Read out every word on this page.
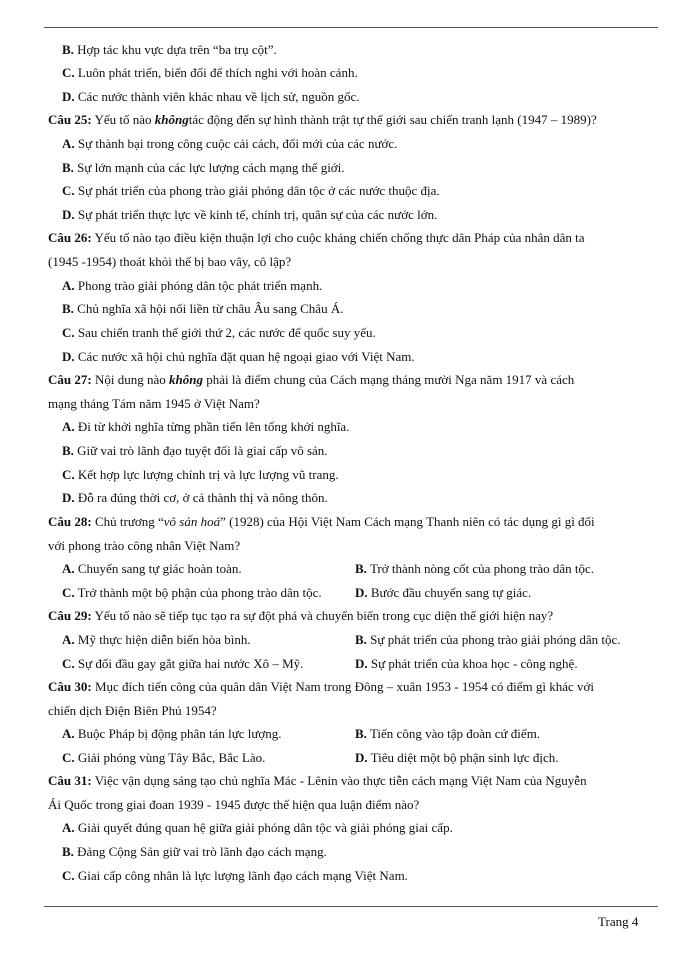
B. Hợp tác khu vực dựa trên “ba trụ cột”.
C. Luôn phát triển, biến đổi để thích nghi với hoàn cảnh.
D. Các nước thành viên khác nhau về lịch sử, nguồn gốc.
Câu 25: Yếu tố nào khôngtác động đến sự hình thành trật tự thế giới sau chiến tranh lạnh (1947 – 1989)?
A. Sự thành bại trong công cuộc cải cách, đổi mới của các nước.
B. Sự lớn mạnh của các lực lượng cách mạng thế giới.
C. Sự phát triển của phong trào giải phóng dân tộc ở các nước thuộc địa.
D. Sự phát triển thực lực về kinh tế, chính trị, quân sự của các nước lớn.
Câu 26: Yếu tố nào tạo điều kiện thuận lợi cho cuộc kháng chiến chống thực dân Pháp của nhân dân ta
(1945 -1954) thoát khỏi thế bị bao vây, cô lập?
A. Phong trào giải phóng dân tộc phát triển mạnh.
B. Chủ nghĩa xã hội nối liền từ châu Âu sang Châu Á.
C. Sau chiến tranh thế giới thứ 2, các nước đế quốc suy yếu.
D. Các nước xã hội chủ nghĩa đặt quan hệ ngoại giao với Việt Nam.
Câu 27: Nội dung nào không phải là điểm chung của Cách mạng tháng mười Nga năm 1917 và cách
mạng tháng Tám năm 1945 ở Việt Nam?
A. Đi từ khởi nghĩa từng phần tiến lên tổng khởi nghĩa.
B. Giữ vai trò lãnh đạo tuyệt đối là giai cấp vô sản.
C. Kết hợp lực lượng chính trị và lực lượng vũ trang.
D. Đỗ ra đúng thời cơ, ở cả thành thị và nông thôn.
Câu 28: Chủ trương “vô sản hoá” (1928) của Hội Việt Nam Cách mạng Thanh niên có tác dụng gì gì đối
với phong trào công nhân Việt Nam?
A. Chuyển sang tự giác hoàn toàn.	B. Trở thành nòng cốt của phong trào dân tộc.
C. Trở thành một bộ phận của phong trào dân tộc.	D. Bước đầu chuyển sang tự giác.
Câu 29: Yếu tố nào sẽ tiếp tục tạo ra sự đột phá và chuyển biến trong cục diện thế giới hiện nay?
A. Mỹ thực hiện diễn biến hòa bình.	B. Sự phát triển của phong trào giải phóng dân tộc.
C. Sự đối đầu gay gắt giữa hai nước Xô – Mỹ.	D. Sự phát triển của khoa học - công nghệ.
Câu 30: Mục đích tiến công của quân dân Việt Nam trong Đông – xuân 1953 - 1954 có điểm gì khác với
chiến dịch Điện Biên Phủ 1954?
A. Buộc Pháp bị động phân tán lực lượng.	B. Tiến công vào tập đoàn cứ điểm.
C. Giải phóng vùng Tây Bắc, Bắc Lào.	D. Tiêu diệt một bộ phận sinh lực địch.
Câu 31: Việc vận dụng sáng tạo chủ nghĩa Mác - Lênin vào thực tiễn cách mạng Việt Nam của Nguyễn
Ái Quốc trong giai đoan 1939 - 1945 được thể hiện qua luận điểm nào?
A. Giải quyết đúng quan hệ giữa giải phóng dân tộc và giải phóng giai cấp.
B. Đảng Cộng Sản giữ vai trò lãnh đạo cách mạng.
C. Giai cấp công nhân là lực lượng lãnh đạo cách mạng Việt Nam.
Trang 4
